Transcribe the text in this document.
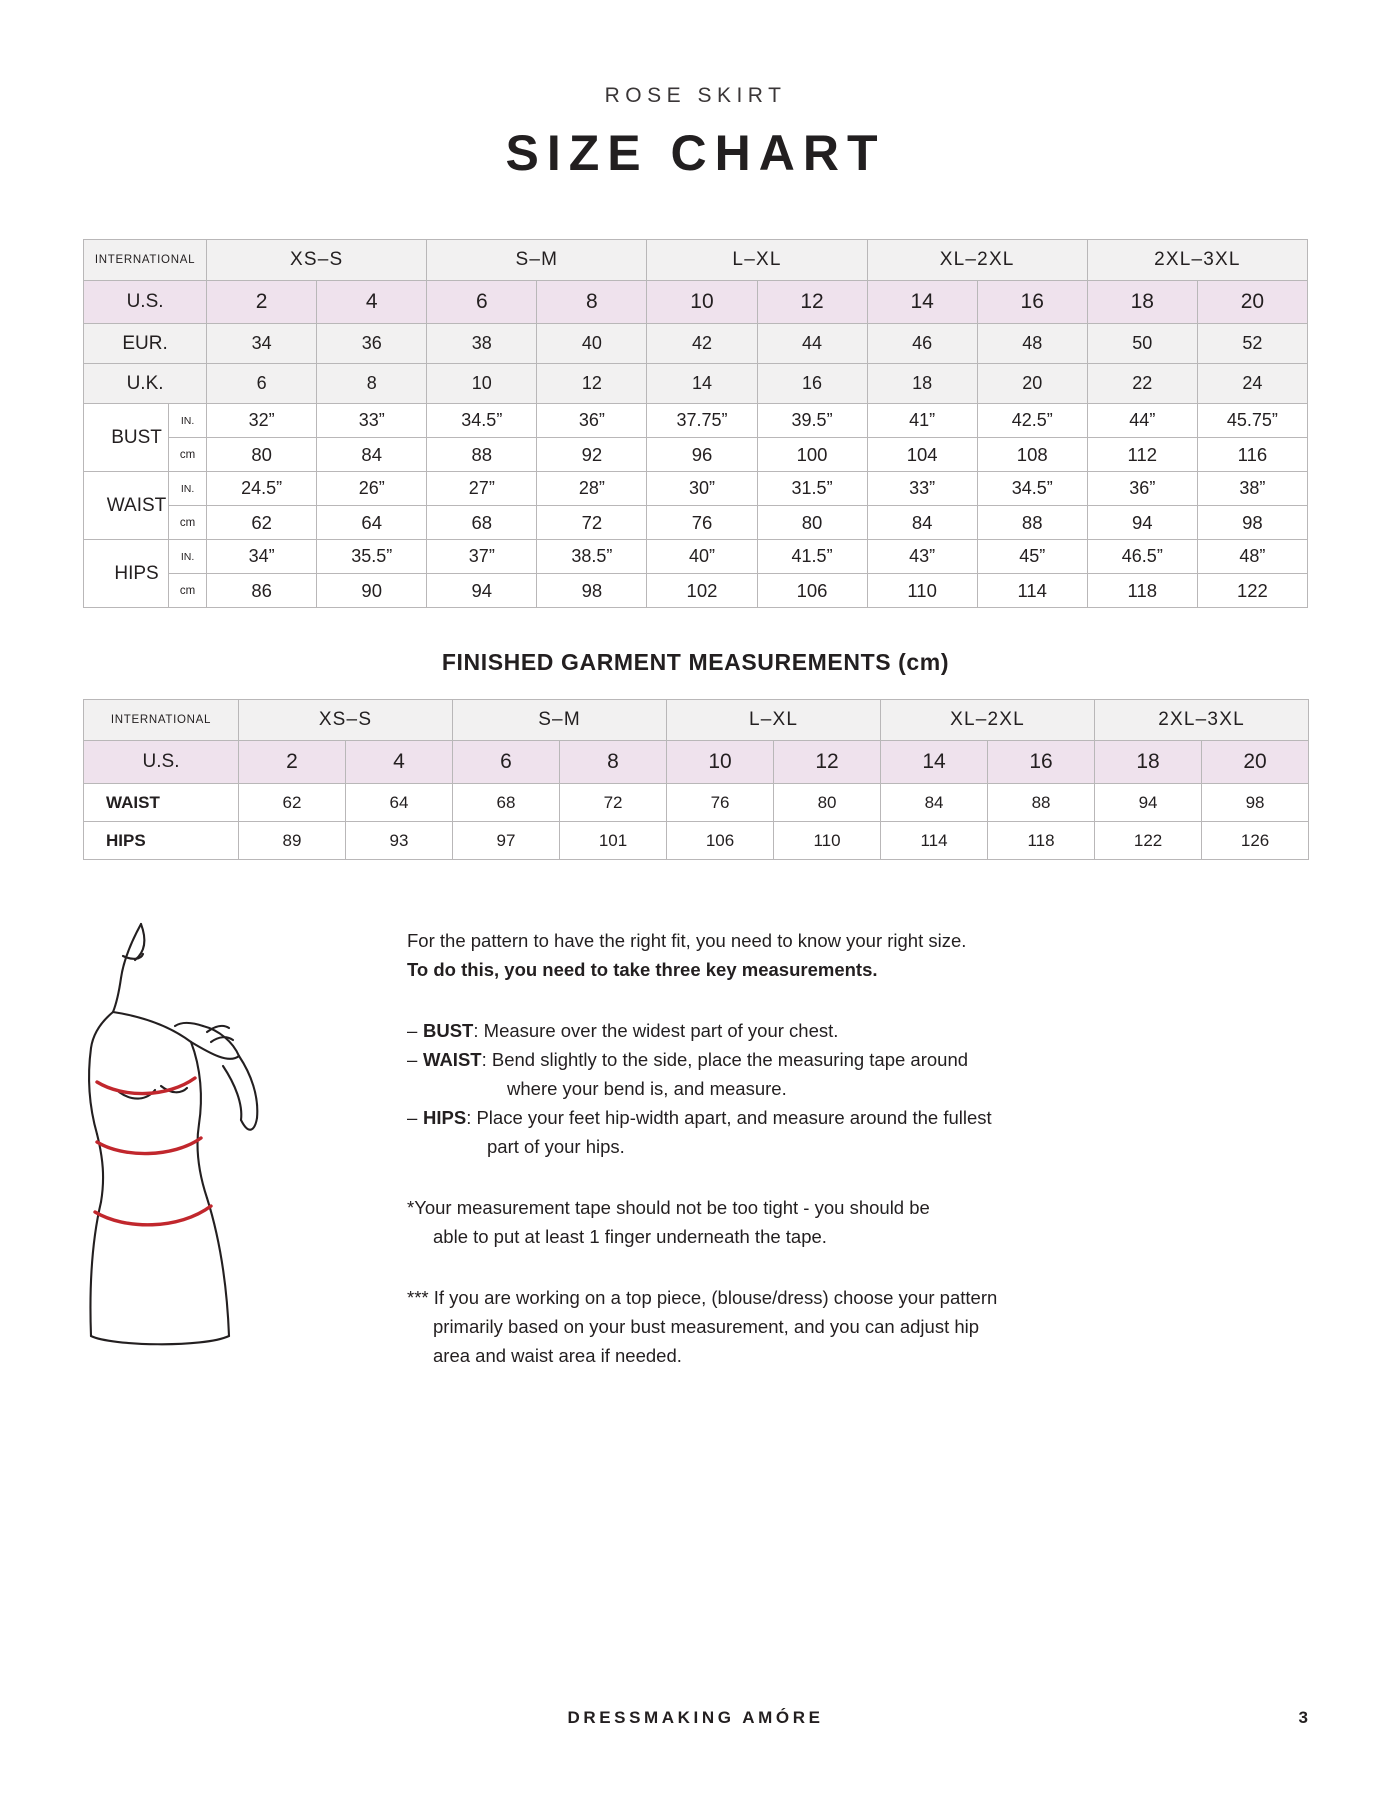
ROSE SKIRT
SIZE CHART
INTERNATIONAL		XS–S		S–M		L–XL		XL–2XL		2XL–3XL	
U.S.		2	4	6	8	10	12	14	16	18	20
EUR.		34	36	38	40	42	44	46	48	50	52
U.K.		6	8	10	12	14	16	18	20	22	24
BUST	IN.	32”	33”	34.5”	36”	37.75”	39.5”	41”	42.5”	44”	45.75”
	cm	80	84	88	92	96	100	104	108	112	116
WAIST	IN.	24.5”	26”	27”	28”	30”	31.5”	33”	34.5”	36”	38”
	cm	62	64	68	72	76	80	84	88	94	98
HIPS	IN.	34”	35.5”	37”	38.5”	40”	41.5”	43”	45”	46.5”	48”
	cm	86	90	94	98	102	106	110	114	118	122
FINISHED GARMENT MEASUREMENTS (cm)
INTERNATIONAL	XS–S		S–M		L–XL		XL–2XL		2XL–3XL	
U.S.	2	4	6	8	10	12	14	16	18	20
WAIST	62	64	68	72	76	80	84	88	94	98
HIPS	89	93	97	101	106	110	114	118	122	126
For the pattern to have the right fit, you need to know your right size.
To do this, you need to take three key measurements.
– BUST: Measure over the widest part of your chest.
– WAIST: Bend slightly to the side, place the measuring tape around
where your bend is, and measure.
– HIPS: Place your feet hip-width apart, and measure around the fullest
part of your hips.
*Your measurement tape should not be too tight - you should be
able to put at least 1 finger underneath the tape.
*** If you are working on a top piece, (blouse/dress) choose your pattern
primarily based on your bust measurement, and you can adjust hip
area and waist area if needed.
DRESSMAKING AMÓRE	3
